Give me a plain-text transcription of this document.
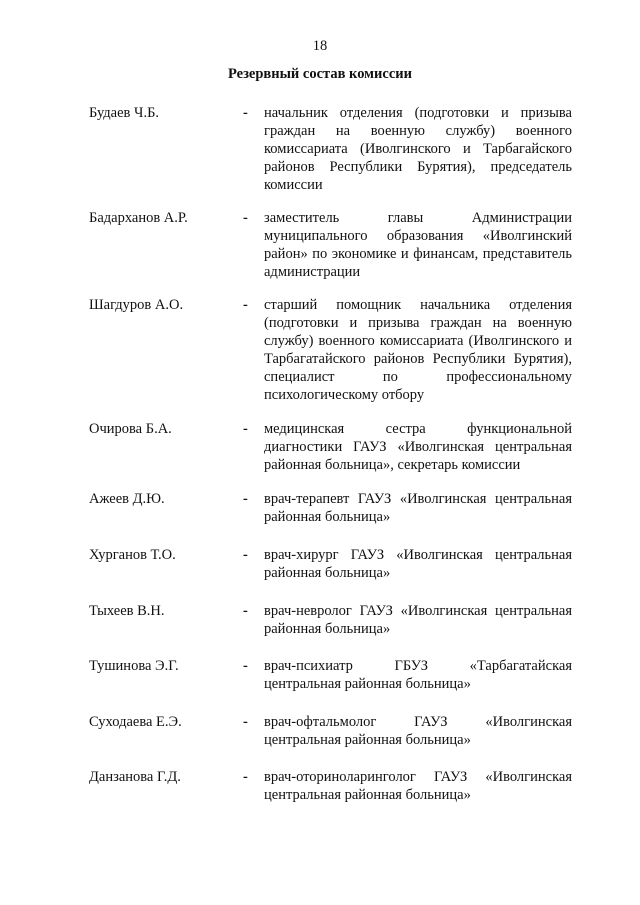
18
Резервный состав комиссии
Будаев Ч.Б.	- начальник отделения (подготовки и призыва граждан на военную службу) военного комиссариата (Иволгинского и Тарбагайского районов Республики Бурятия), председатель комиссии
Бадарханов А.Р.	- заместитель главы Администрации муниципального образования «Иволгинский район» по экономике и финансам, представитель администрации
Шагдуров А.О.	- старший помощник начальника отделения (подготовки и призыва граждан на военную службу) военного комиссариата (Иволгинского и Тарбагатайского районов Республики Бурятия), специалист по профессиональному психологическому отбору
Очирова Б.А.	- медицинская сестра функциональной диагностики ГАУЗ «Иволгинская центральная районная больница», секретарь комиссии
Ажеев Д.Ю.	- врач-терапевт ГАУЗ «Иволгинская центральная районная больница»
Хурганов Т.О.	- врач-хирург ГАУЗ «Иволгинская центральная районная больница»
Тыхеев В.Н.	- врач-невролог ГАУЗ «Иволгинская центральная районная больница»
Тушинова Э.Г.	- врач-психиатр ГБУЗ «Тарбагатайская центральная районная больница»
Суходаева Е.Э.	- врач-офтальмолог ГАУЗ «Иволгинская центральная районная больница»
Данзанова Г.Д.	- врач-оториноларинголог ГАУЗ «Иволгинская центральная районная больница»
